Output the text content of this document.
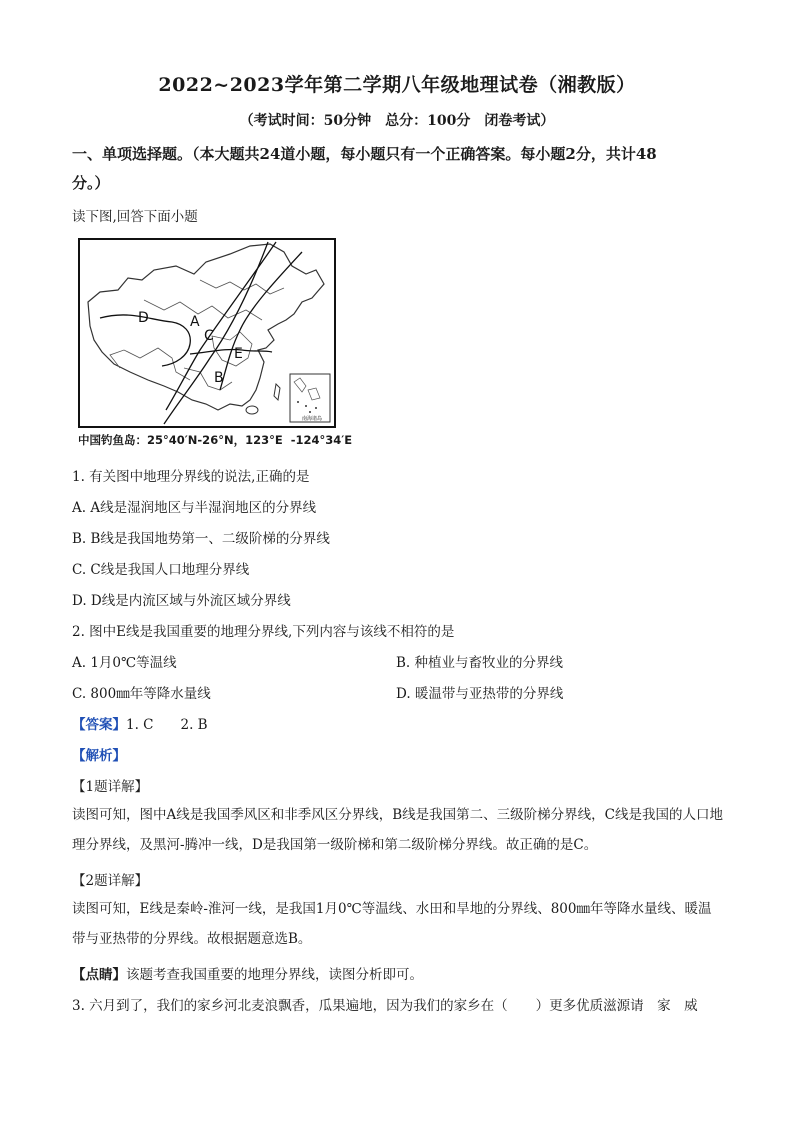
2022~2023学年第二学期八年级地理试卷（湘教版）
（考试时间：50分钟　总分：100分　闭卷考试）
一、单项选择题。（本大题共24道小题，每小题只有一个正确答案。每小题2分，共计48
分。）
读下图,回答下面小题
D	A
C
E
B
南海诸岛
中国钓鱼岛：25°40′N-26°N，123°E -124°34′E
1. 有关图中地理分界线的说法,正确的是
A. A线是湿润地区与半湿润地区的分界线
B. B线是我国地势第一、二级阶梯的分界线
C. C线是我国人口地理分界线
D. D线是内流区域与外流区域分界线
2. 图中E线是我国重要的地理分界线,下列内容与该线不相符的是
A. 1月0℃等温线	B. 种植业与畜牧业的分界线
C. 800㎜年等降水量线	D. 暖温带与亚热带的分界线
【答案】1. C　　2. B
【解析】
【1题详解】
读图可知，图中A线是我国季风区和非季风区分界线，B线是我国第二、三级阶梯分界线，C线是我国的人口地理分界线，及黑河-腾冲一线，D是我国第一级阶梯和第二级阶梯分界线。故正确的是C。
【2题详解】
读图可知，E线是秦岭-淮河一线，是我国1月0℃等温线、水田和旱地的分界线、800㎜年等降水量线、暖温带与亚热带的分界线。故根据题意选B。
【点睛】该题考查我国重要的地理分界线，读图分析即可。
3. 六月到了，我们的家乡河北麦浪飘香，瓜果遍地，因为我们的家乡在（ ）更多优质滋源请　家　威
